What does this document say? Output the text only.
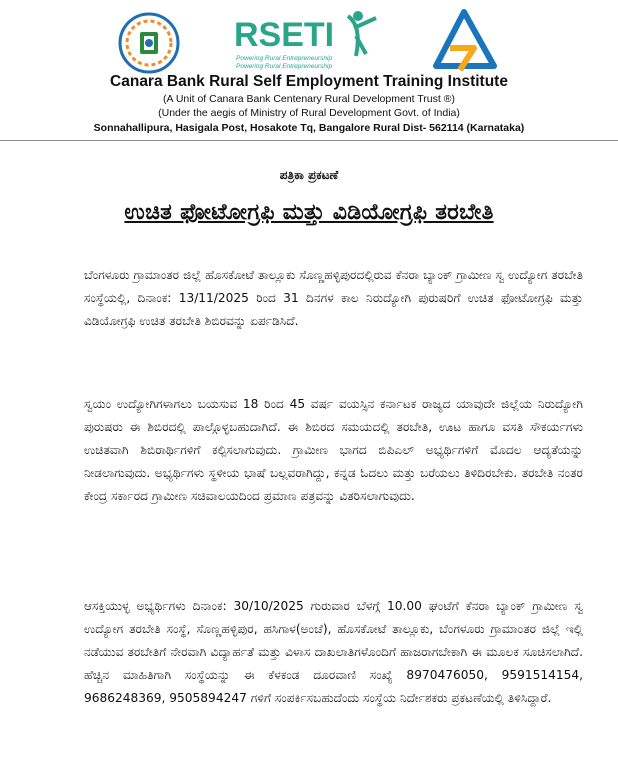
RSETI
Powering Rural Entrepreneurship
Powering Rural Entrepreneurship
Canara Bank Rural Self Employment Training Institute
(A Unit of Canara Bank Centenary Rural Development Trust ®)
(Under the aegis of Ministry of Rural Development Govt. of India)
Sonnahallipura, Hasigala Post, Hosakote Tq, Bangalore Rural Dist- 562114 (Karnataka)
ಪತ್ರಿಕಾ ಪ್ರಕಟಣೆ
ಉಚಿತ ಫೋಟೋಗ್ರಫಿ ಮತ್ತು ವಿಡಿಯೋಗ್ರಫಿ ತರಬೇತಿ
ಬೆಂಗಳೂರು ಗ್ರಾಮಾಂತರ ಜಿಲ್ಲೆ ಹೊಸಕೋಟೆ ತಾಲ್ಲೂಕು ಸೊಣ್ಣಹಳ್ಳಿಪುರದಲ್ಲಿರುವ ಕೆನರಾ ಬ್ಯಾಂಕ್ ಗ್ರಾಮೀಣ ಸ್ವ ಉದ್ಯೋಗ ತರಬೇತಿ ಸಂಸ್ಥೆಯಲ್ಲಿ, ದಿನಾಂಕ: 13/11/2025 ರಿಂದ 31 ದಿನಗಳ ಕಾಲ ನಿರುದ್ಯೋಗಿ ಪುರುಷರಿಗೆ ಉಚಿತ ಫೋಟೋಗ್ರಫಿ ಮತ್ತು ವಿಡಿಯೋಗ್ರಫಿ ಉಚಿತ ತರಬೇತಿ ಶಿಬಿರವನ್ನು ಏರ್ಪಡಿಸಿದೆ.
ಸ್ವಯಂ ಉದ್ಯೋಗಿಗಳಾಗಲು ಬಯಸುವ 18 ರಿಂದ 45 ವರ್ಷ ವಯಸ್ಸಿನ ಕರ್ನಾಟಕ ರಾಜ್ಯದ ಯಾವುದೇ ಜಿಲ್ಲೆಯ ನಿರುದ್ಯೋಗಿ ಪುರುಷರು ಈ ಶಿಬಿರದಲ್ಲಿ ಪಾಲ್ಗೊಳ್ಳಬಹುದಾಗಿದೆ. ಈ ಶಿಬಿರದ ಸಮಯದಲ್ಲಿ ತರಬೇತಿ, ಊಟ ಹಾಗೂ ವಸತಿ ಸೌಕರ್ಯಗಳು ಉಚಿತವಾಗಿ ಶಿಬಿರಾರ್ಥಿಗಳಿಗೆ ಕಲ್ಪಿಸಲಾಗುವುದು. ಗ್ರಾಮೀಣ ಭಾಗದ ಬಿಪಿಎಲ್ ಅಭ್ಯರ್ಥಿಗಳಿಗೆ ಮೊದಲ ಆದ್ಯತೆಯನ್ನು ನೀಡಲಾಗುವುದು. ಅಭ್ಯರ್ಥಿಗಳು ಸ್ಥಳೀಯ ಭಾಷೆ ಬಲ್ಲವರಾಗಿದ್ದು, ಕನ್ನಡ ಓದಲು ಮತ್ತು ಬರೆಯಲು ತಿಳಿದಿರಬೇಕು. ತರಬೇತಿ ನಂತರ ಕೇಂದ್ರ ಸರ್ಕಾರದ ಗ್ರಾಮೀಣ ಸಚಿವಾಲಯದಿಂದ ಪ್ರಮಾಣ ಪತ್ರವನ್ನು ವಿತರಿಸಲಾಗುವುದು.
ಆಸಕ್ತಿಯುಳ್ಳ ಅಭ್ಯರ್ಥಿಗಳು ದಿನಾಂಕ: 30/10/2025 ಗುರುವಾರ ಬೆಳಗ್ಗೆ 10.00 ಘಂಟೆಗೆ ಕೆನರಾ ಬ್ಯಾಂಕ್ ಗ್ರಾಮೀಣ ಸ್ವ ಉದ್ಯೋಗ ತರಬೇತಿ ಸಂಸ್ಥೆ, ಸೊಣ್ಣಹಳ್ಳಿಪುರ, ಹಸಿಗಾಳ(ಅಂಚೆ), ಹೊಸಕೋಟೆ ತಾಲ್ಲೂಕು, ಬೆಂಗಳೂರು ಗ್ರಾಮಾಂತರ ಜಿಲ್ಲೆ ಇಲ್ಲಿ ನಡೆಯುವ ತರಬೇತಿಗೆ ನೇರವಾಗಿ ವಿದ್ಯಾರ್ಹತೆ ಮತ್ತು ವಿಳಾಸ ದಾಖಲಾತಿಗಳೊಂದಿಗೆ ಹಾಜರಾಗಬೇಕಾಗಿ ಈ ಮೂಲಕ ಸೂಚಿಸಲಾಗಿದೆ. ಹೆಚ್ಚಿನ ಮಾಹಿತಿಗಾಗಿ ಸಂಸ್ಥೆಯನ್ನು ಈ ಕೆಳಕಂಡ ದೂರವಾಣಿ ಸಂಖ್ಯೆ 8970476050, 9591514154, 9686248369, 9505894247 ಗಳಿಗೆ ಸಂಪರ್ಕಿಸಬಹುದೆಂದು ಸಂಸ್ಥೆಯ ನಿರ್ದೇಶಕರು ಪ್ರಕಟಣೆಯಲ್ಲಿ ತಿಳಿಸಿದ್ದಾರೆ.
